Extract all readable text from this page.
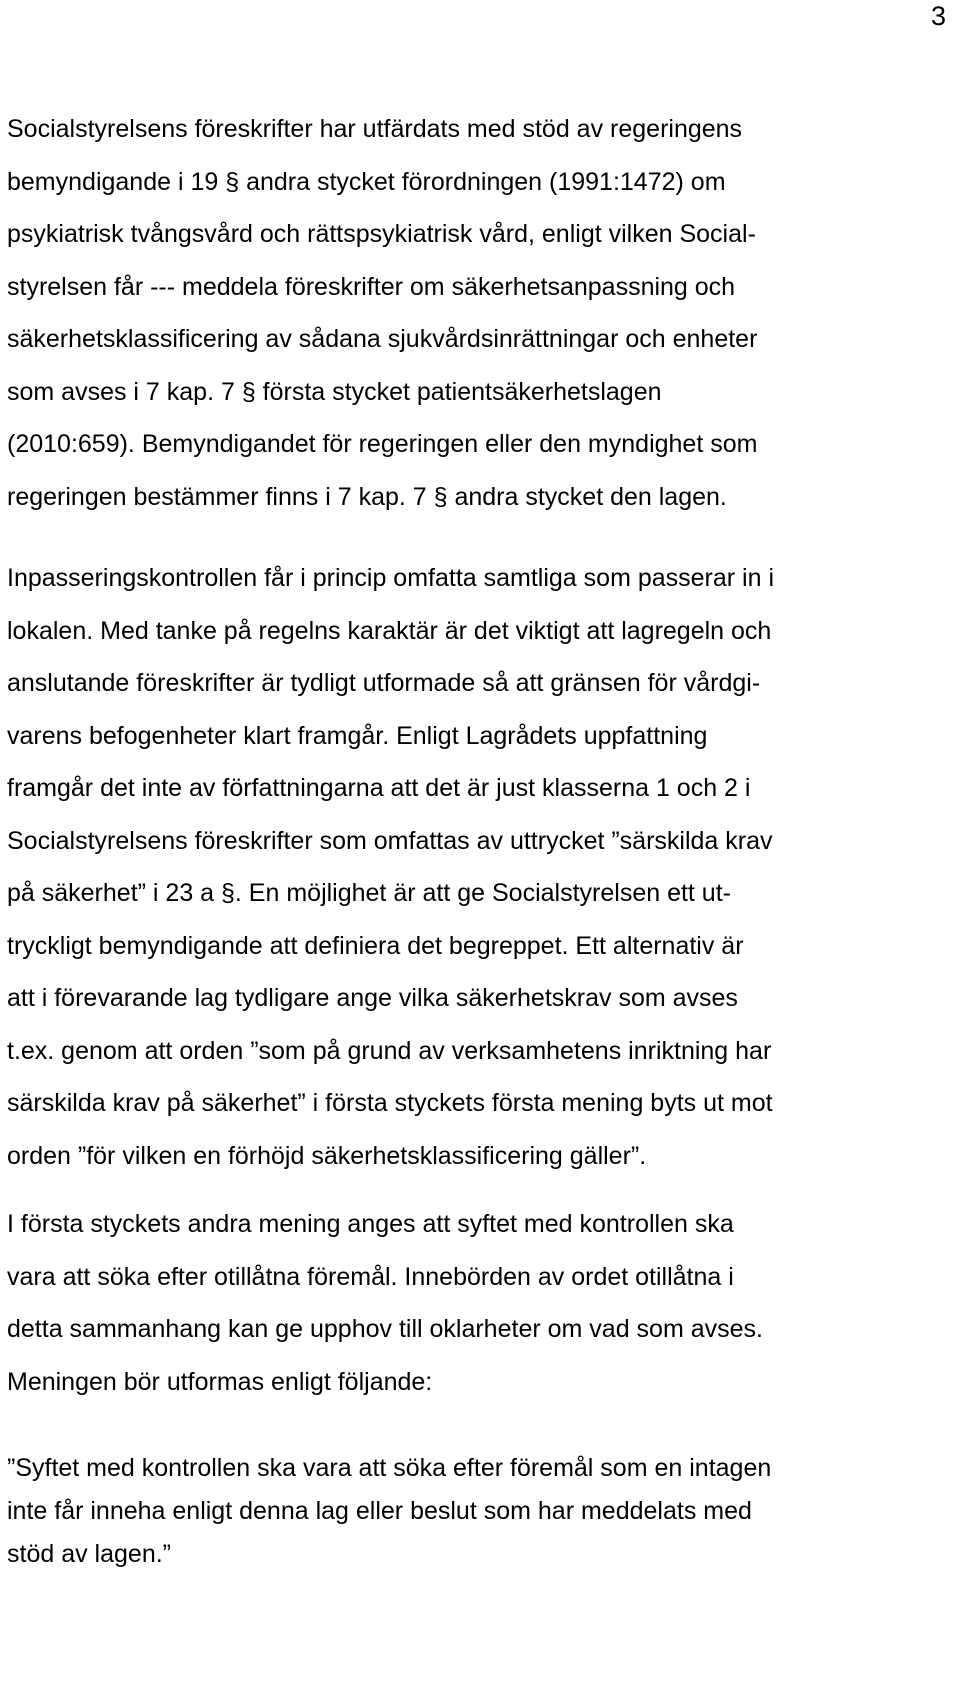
3
Socialstyrelsens föreskrifter har utfärdats med stöd av regeringens
bemyndigande i 19 § andra stycket förordningen (1991:1472) om
psykiatrisk tvångsvård och rättspsykiatrisk vård, enligt vilken Social-
styrelsen får --- meddela föreskrifter om säkerhetsanpassning och
säkerhetsklassificering av sådana sjukvårdsinrättningar och enheter
som avses i 7 kap. 7 § första stycket patientsäkerhetslagen
(2010:659). Bemyndigandet för regeringen eller den myndighet som
regeringen bestämmer finns i 7 kap. 7 § andra stycket den lagen.
Inpasseringskontrollen får i princip omfatta samtliga som passerar in i
lokalen. Med tanke på regelns karaktär är det viktigt att lagregeln och
anslutande föreskrifter är tydligt utformade så att gränsen för vårdgi-
varens befogenheter klart framgår. Enligt Lagrådets uppfattning
framgår det inte av författningarna att det är just klasserna 1 och 2 i
Socialstyrelsens föreskrifter som omfattas av uttrycket ”särskilda krav
på säkerhet” i 23 a §. En möjlighet är att ge Socialstyrelsen ett ut-
tryckligt bemyndigande att definiera det begreppet. Ett alternativ är
att i förevarande lag tydligare ange vilka säkerhetskrav som avses
t.ex. genom att orden ”som på grund av verksamhetens inriktning har
särskilda krav på säkerhet” i första styckets första mening byts ut mot
orden ”för vilken en förhöjd säkerhetsklassificering gäller”.
I första styckets andra mening anges att syftet med kontrollen ska
vara att söka efter otillåtna föremål. Innebörden av ordet otillåtna i
detta sammanhang kan ge upphov till oklarheter om vad som avses.
Meningen bör utformas enligt följande:
”Syftet med kontrollen ska vara att söka efter föremål som en intagen
inte får inneha enligt denna lag eller beslut som har meddelats med
stöd av lagen.”
